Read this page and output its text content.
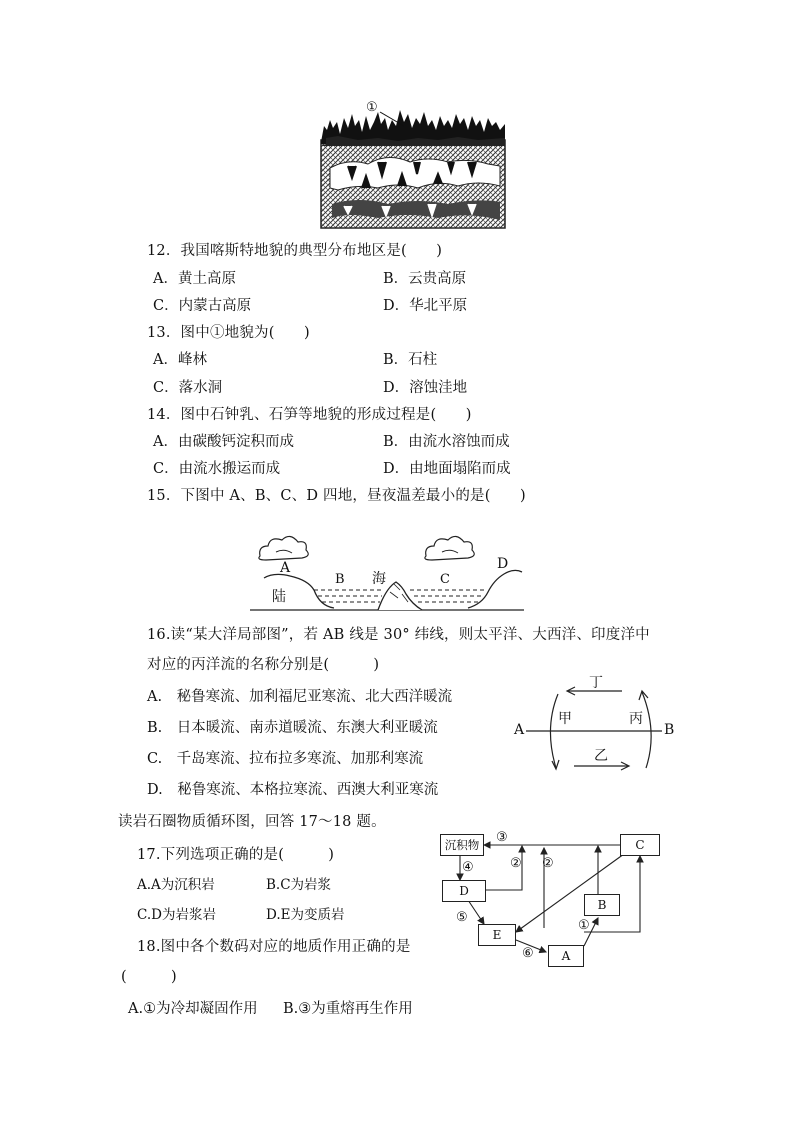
①
12．我国喀斯特地貌的典型分布地区是(　　)
A．黄土高原	B．云贵高原
C．内蒙古高原	D．华北平原
13．图中①地貌为(　　)
A．峰林	B．石柱
C．落水洞	D．溶蚀洼地
14．图中石钟乳、石笋等地貌的形成过程是(　　)
A．由碳酸钙淀积而成	B．由流水溶蚀而成
C．由流水搬运而成	D．由地面塌陷而成
15．下图中 A、B、C、D 四地，昼夜温差最小的是(　　)
A
B 海	C
D
陆
16.读“某大洋局部图”，若 AB 线是 30° 纬线，则太平洋、大西洋、印度洋中
对应的丙洋流的名称分别是(　　　)
A.　秘鲁寒流、加利福尼亚寒流、北大西洋暖流
B.　日本暖流、南赤道暖流、东澳大利亚暖流
C.　千岛寒流、拉布拉多寒流、加那利寒流
D.　秘鲁寒流、本格拉寒流、西澳大利亚寒流
A	B
甲	丙
丁
乙
读岩石圈物质循环图，回答 17～18 题。
17.下列选项正确的是(　　　)
A.A为沉积岩	B.C为岩浆
C.D为岩浆岩	D.E为变质岩
18.图中各个数码对应的地质作用正确的是
(　　　)
A.①为冷却凝固作用 B.③为重熔再生作用
沉积物	C
D
B
E
A
③
④	② ②
⑤
①
⑥
